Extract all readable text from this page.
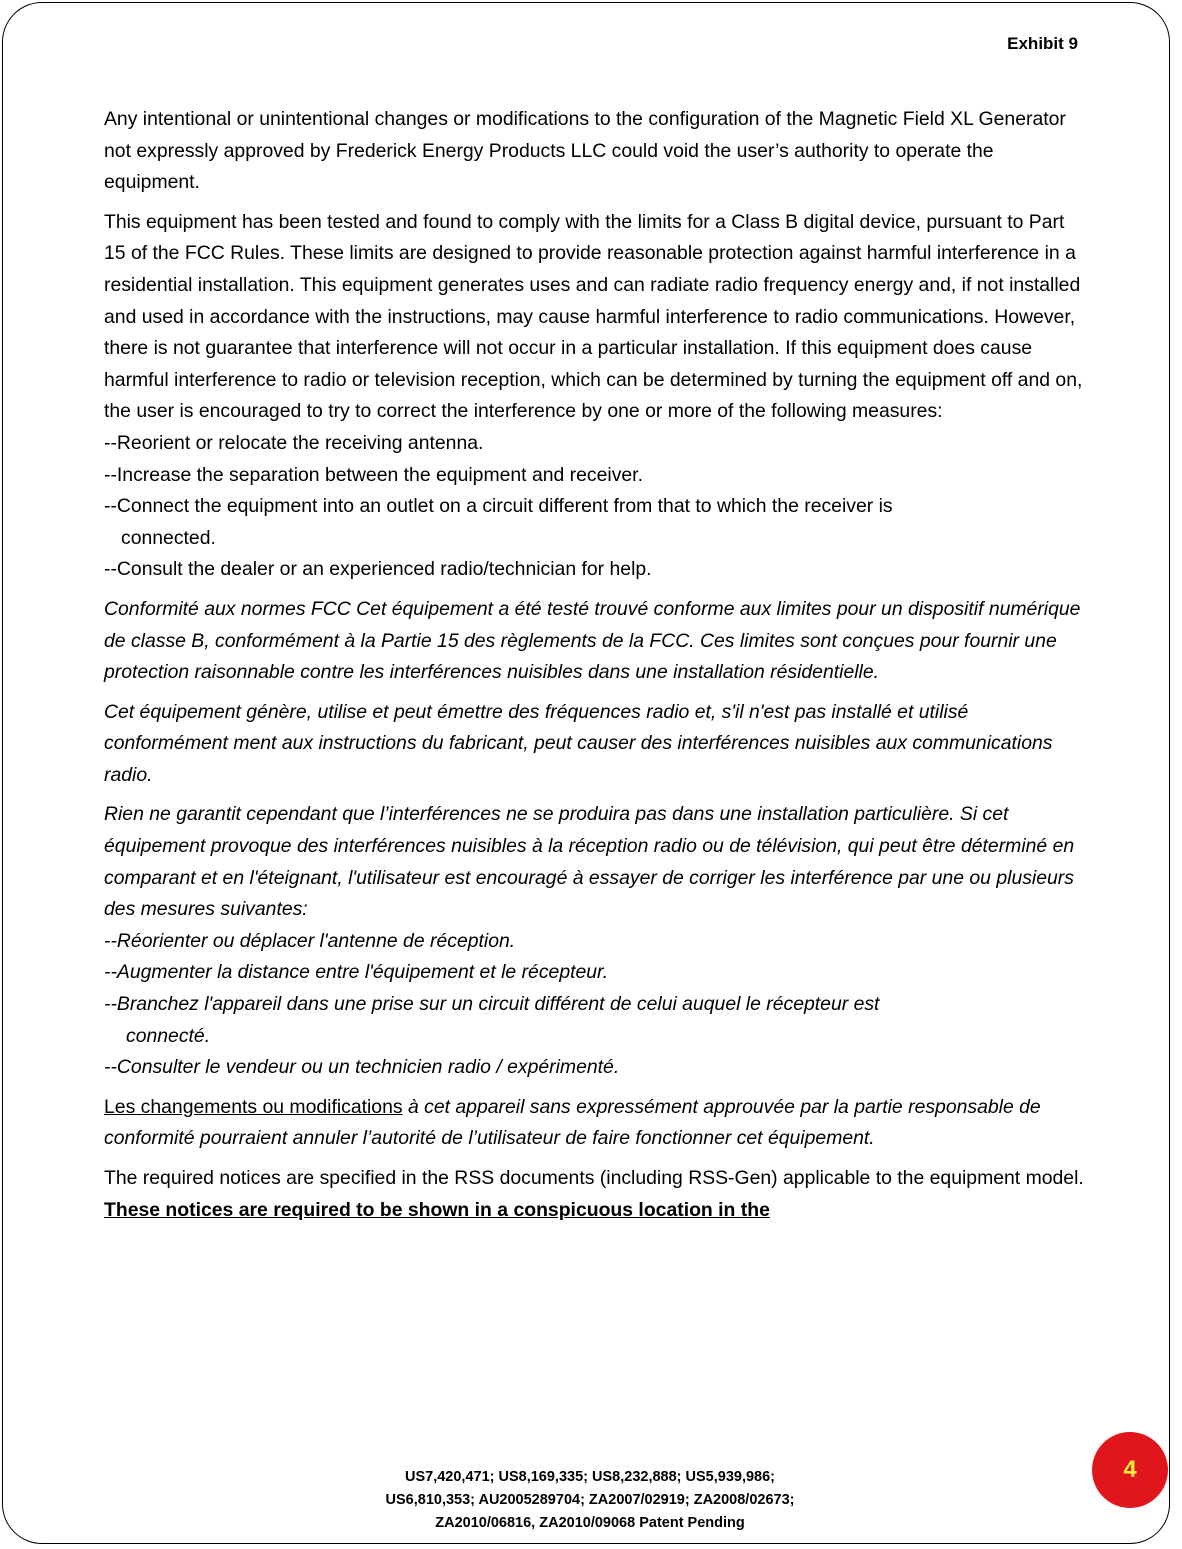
Exhibit 9

Any intentional or unintentional changes or modifications to the configuration of the Magnetic Field XL Generator not expressly approved by Frederick Energy Products LLC could void the user’s authority to operate the equipment.

This equipment has been tested and found to comply with the limits for a Class B digital device, pursuant to Part 15 of the FCC Rules. These limits are designed to provide reasonable protection against harmful interference in a residential installation. This equipment generates uses and can radiate radio frequency energy and, if not installed and used in accordance with the instructions, may cause harmful interference to radio communications. However, there is not guarantee that interference will not occur in a particular installation. If this equipment does cause harmful interference to radio or television reception, which can be determined by turning the equipment off and on, the user is encouraged to try to correct the interference by one or more of the following measures:
--Reorient or relocate the receiving antenna.
--Increase the separation between the equipment and receiver.
--Connect the equipment into an outlet on a circuit different from that to which the receiver is
connected.
--Consult the dealer or an experienced radio/technician for help.

Conformité aux normes FCC Cet équipement a été testé trouvé conforme aux limites pour un dispositif numérique de classe B, conformément à la Partie 15 des règlements de la FCC. Ces limites sont conçues pour fournir une protection raisonnable contre les interférences nuisibles dans une installation résidentielle.

Cet équipement génère, utilise et peut émettre des fréquences radio et, s'il n'est pas installé et utilisé conformément ment aux instructions du fabricant, peut causer des interférences nuisibles aux communications radio.

Rien ne garantit cependant que l’interférences ne se produira pas dans une installation particulière. Si cet équipement provoque des interférences nuisibles à la réception radio ou de télévision, qui peut être déterminé en comparant et en l'éteignant, l'utilisateur est encouragé à essayer de corriger les interférence par une ou plusieurs des mesures suivantes:
--Réorienter ou déplacer l'antenne de réception.
--Augmenter la distance entre l'équipement et le récepteur.
--Branchez l'appareil dans une prise sur un circuit différent de celui auquel le récepteur est
connecté.
--Consulter le vendeur ou un technicien radio / expérimenté.

Les changements ou modifications à cet appareil sans expressément approuvée par la partie responsable de conformité pourraient annuler l’autorité de l’utilisateur de faire fonctionner cet équipement.

The required notices are specified in the RSS documents (including RSS-Gen) applicable to the equipment model. These notices are required to be shown in a conspicuous location in the

US7,420,471; US8,169,335; US8,232,888; US5,939,986;
US6,810,353; AU2005289704; ZA2007/02919; ZA2008/02673;
ZA2010/06816, ZA2010/09068 Patent Pending
4
